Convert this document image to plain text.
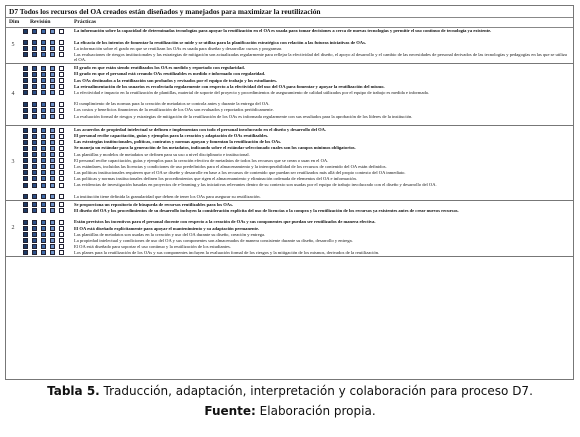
D7 Todos los recursos del OA creados están diseñados y manejados para maximizar la reutilización
Dim Revisión	Prácticas
La información sobre la capacidad de determinadas tecnologías para apoyar la reutilización en el OA es usada para tomar decisiones a cerca de nuevas tecnologías y permitir el uso continuo de tecnología ya existente.
La eficacia de los intentos de fomentar la reutilización se mide y se utiliza para la planificación estratégica con relación a las futuras iniciativas de OAs.
La información sobre el grado en que se reutilizan los OAs es usada para diseñar y desarrollar cursos y programas
Las evaluaciones de riesgos institucionales y las estrategias de mitigación son actualizadas regularmente para reflejar la efectividad del diseño, el apoyo al desarrollo y el cambio de las necesidades de personal derivados de las tecnologías y pedagogías en las que se utiliza el OA.
5
El grado en que están siendo reutilizados los OA es medido y reportado con regularidad.
El grado en que el personal está creando OAs reutilizables es medido e informado con regularidad.
Los OAs destinados a la reutilización son probados y revisados por el equipo de trabajo y los estudiantes.
La retroalimentación de los usuarios es recolectada regularmente con respecto a la efectividad del uso del OA para fomentar y apoyar la reutilización del mismo.
La efectividad e impacto en la reutilización de plantillas, material de soporte del proyecto y procedimientos de aseguramiento de calidad utilizados por el equipo de trabajo es medida e informada.
El cumplimiento de las normas para la creación de metadatos se controla antes y durante la entrega del OA.
Los costos y beneficios financieros de la reutilización de los OAs son evaluados y reportados periódicamente.
La evaluación formal de riesgos y estrategias de mitigación de la reutilización de los OAs es informada regularmente con sus resultados para la aprobación de los líderes de la institución.
4
Los acuerdos de propiedad intelectual se definen e implementan con todo el personal involucrado en el diseño y desarrollo del OA.
El personal recibe capacitación, guías y ejemplos para la creación y adaptación de OAs reutilizables.
Las estrategias institucionales, políticas, contratos y normas apoyan y fomentan la reutilización de los OAs.
Se maneja un estándar para la generación de los metadatos, indicando sobre el estándar seleccionado cuales son los campos mínimos obligatorios.
Las plantillas y modelos de metadatos se definen para su uso a nivel disciplinario e institucional.
El personal recibe capacitación, guías y ejemplos para la creación efectiva de metadatos de todos los recursos que se crean o usan en el OA.
Los estándares, incluidas las licencias y condiciones de uso predefinidos para el almacenamiento y la interoperabilidad de los recursos de contenido del OA están definidos.
Las políticas institucionales requieren que el OA se diseñe y desarrolle en base a los recursos de contenido que puedan ser reutilizados más allá del propio contexto del OA inmediato.
Las políticas y normas institucionales definen los procedimientos que rigen el almacenamiento y eliminación ordenada de elementos del OA e información.
Las evidencias de investigación basadas en proyectos de e-learning y las iniciativas relevantes dentro de su contexto son usadas por el equipo de trabajo involucrado con el diseño y desarrollo del OA.
La institución tiene definida la granularidad que deben de tener los OAs para asegurar su reutilización.
3
Se proporciona un repositorio de búsqueda de recursos reutilizables para los OAs.
El diseño del OA y los procedimientos de su desarrollo incluyen la consideración explícita del uso de licencias o la compra y la reutilización de los recursos ya existentes antes de crear nuevos recursos.
Están previstos los incentivos para el personal docente con respecto a la creación de OAs y sus componentes que puedan ser reutilizados de manera efectiva.
El OA está diseñado explícitamente para apoyar el mantenimiento y su adaptación permanente.
Las plantillas de metadatos son usadas en la creación y uso del OA durante su diseño, creación y entrega.
La propiedad intelectual y condiciones de uso del OA y sus componentes son almacenados de manera consistente durante su diseño, desarrollo y entrega.
El OA está diseñado para soportar el uso continuo y la reutilización de los estudiantes.
Los planes para la reutilización de los OAs y sus componentes incluyen la evaluación formal de los riesgos y la mitigación de los mismos, derivados de la reutilización.
2
Tabla 5. Traducción, adaptación, interpretación y colaboración para proceso D7.
Fuente: Elaboración propia.
